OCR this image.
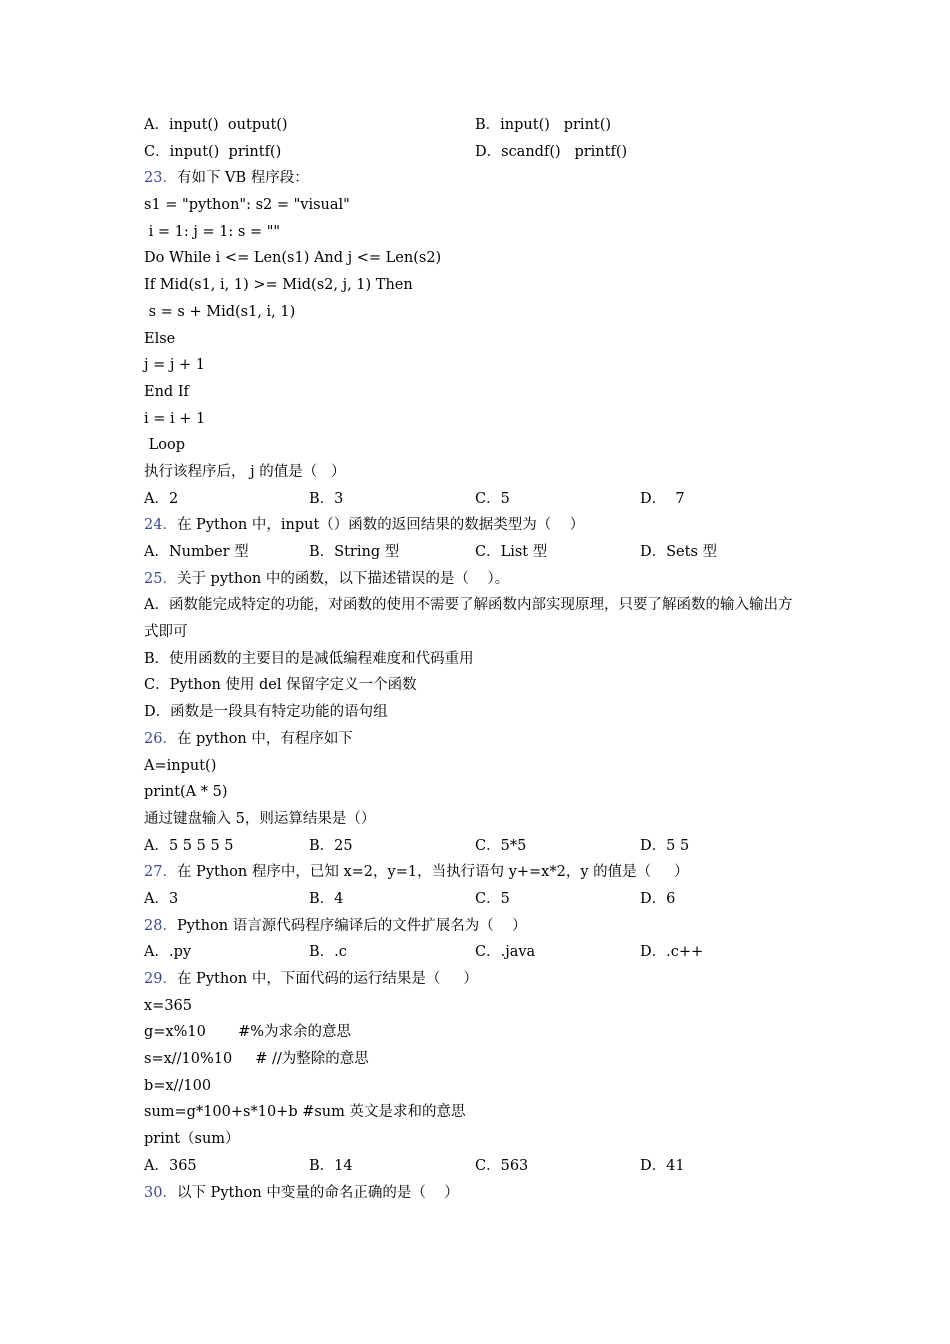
A．input()  output()

	B．input()   print()

C．input()  printf()

	D．scandf()   printf()

23．有如下 VB 程序段：
s1 = "python": s2 = "visual"
i = 1: j = 1: s = ""
Do While i <= Len(s1) And j <= Len(s2)
If Mid(s1, i, 1) >= Mid(s2, j, 1) Then
s = s + Mid(s1, i, 1)
Else
j = j + 1
End If
i = i + 1
Loop
执行该程序后， j 的值是（   ）

A．2

	B．3

	C．5

	D．  7

24．在 Python 中，input（）函数的返回结果的数据类型为（    ）

A．Number 型

	B．String 型

	C．List 型

	D．Sets 型

25．关于 python 中的函数，以下描述错误的是（    ）。
A．函数能完成特定的功能，对函数的使用不需要了解函数内部实现原理，只要了解函数的输入输出方式即可
B．使用函数的主要目的是减低编程难度和代码重用
C．Python 使用 del 保留字定义一个函数
D．函数是一段具有特定功能的语句组
26．在 python 中，有程序如下
A=input()
print(A * 5)
通过键盘输入 5，则运算结果是（）

A．5 5 5 5 5

	B．25

	C．5*5

	D．5 5

27．在 Python 程序中，已知 x=2，y=1，当执行语句 y+=x*2，y 的值是（     ）

A．3

	B．4

	C．5

	D．6

28．Python 语言源代码程序编译后的文件扩展名为（    ）

A．.py

	B．.c

	C．.java

	D．.c++

29．在 Python 中，下面代码的运行结果是（     ）
x=365
g=x%10       #%为求余的意思
s=x//10%10     # //为整除的意思
b=x//100
sum=g*100+s*10+b #sum 英文是求和的意思
print（sum）

A．365

	B．14

	C．563

	D．41

30．以下 Python 中变量的命名正确的是（    ）
